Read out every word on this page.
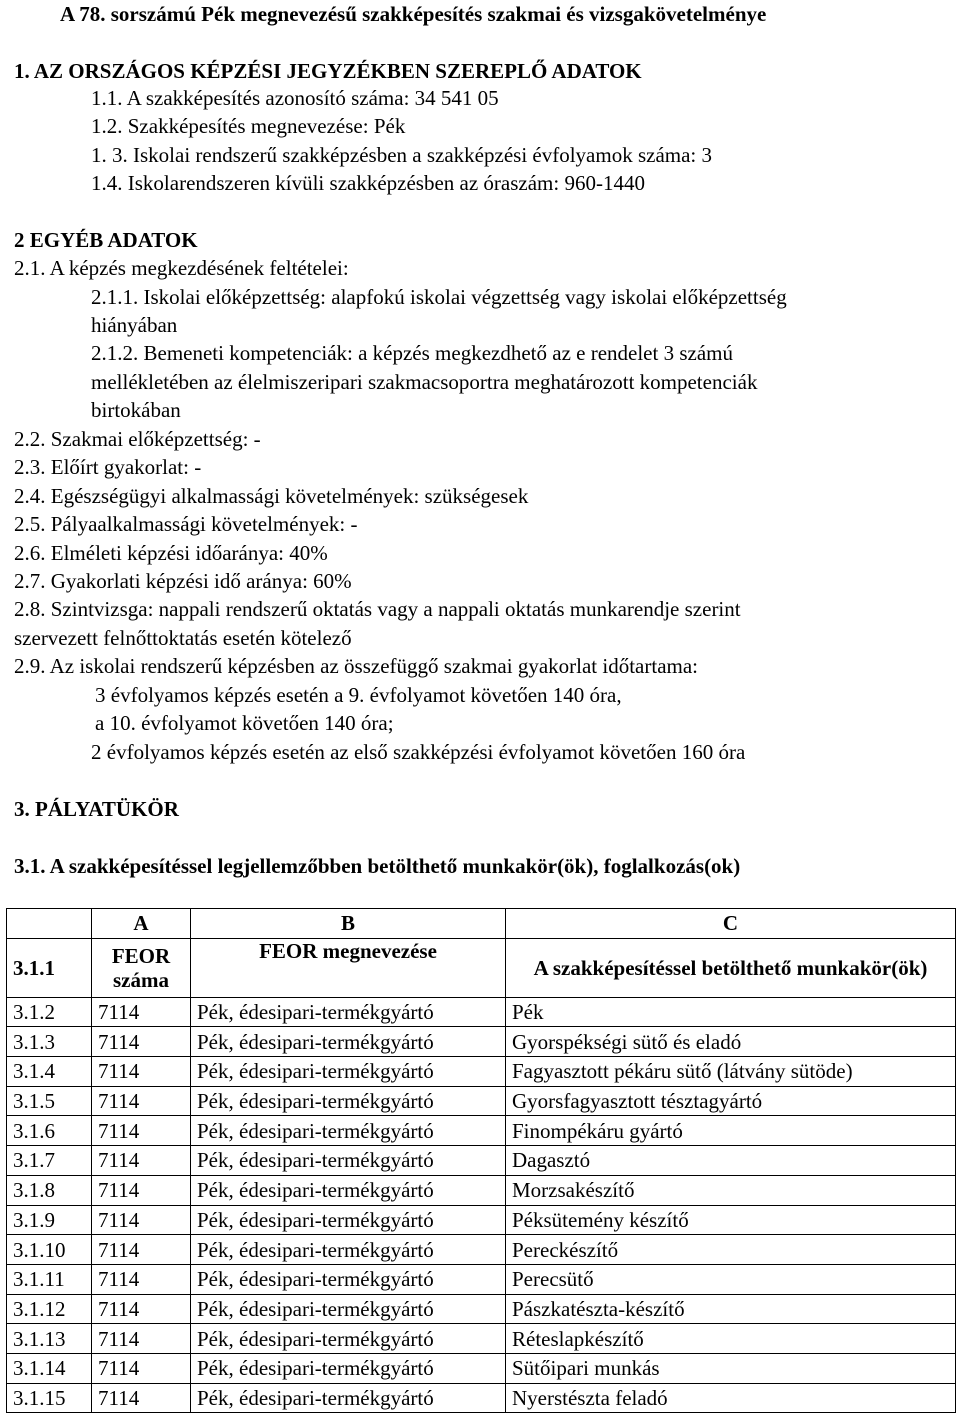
A 78. sorszámú Pék megnevezésű szakképesítés szakmai és vizsgakövetelménye
1. AZ ORSZÁGOS KÉPZÉSI JEGYZÉKBEN SZEREPLŐ ADATOK
1.1. A szakképesítés azonosító száma: 34 541 05
1.2. Szakképesítés megnevezése: Pék
1. 3. Iskolai rendszerű szakképzésben a szakképzési évfolyamok száma: 3
1.4. Iskolarendszeren kívüli szakképzésben az óraszám: 960-1440
2 EGYÉB ADATOK
2.1. A képzés megkezdésének feltételei:
2.1.1. Iskolai előképzettség: alapfokú iskolai végzettség vagy iskolai előképzettség
hiányában
2.1.2. Bemeneti kompetenciák: a képzés megkezdhető az e rendelet 3 számú
mellékletében az élelmiszeripari szakmacsoportra meghatározott kompetenciák
birtokában
2.2. Szakmai előképzettség: -
2.3. Előírt gyakorlat: -
2.4. Egészségügyi alkalmassági követelmények: szükségesek
2.5. Pályaalkalmassági követelmények: -
2.6. Elméleti képzési időaránya: 40%
2.7. Gyakorlati képzési idő aránya: 60%
2.8. Szintvizsga: nappali rendszerű oktatás vagy a nappali oktatás munkarendje szerint
szervezett felnőttoktatás esetén kötelező
2.9. Az iskolai rendszerű képzésben az összefüggő szakmai gyakorlat időtartama:
3 évfolyamos képzés esetén a 9. évfolyamot követően 140 óra,
a 10. évfolyamot követően 140 óra;
2 évfolyamos képzés esetén az első szakképzési évfolyamot követően 160 óra
3. PÁLYATÜKÖR
3.1. A szakképesítéssel legjellemzőbben betölthető munkakör(ök), foglalkozás(ok)
	A	B	C
3.1.1	FEOR száma	FEOR megnevezése	A szakképesítéssel betölthető munkakör(ök)
3.1.2	7114	Pék, édesipari-termékgyártó	Pék
3.1.3	7114	Pék, édesipari-termékgyártó	Gyorspékségi sütő és eladó
3.1.4	7114	Pék, édesipari-termékgyártó	Fagyasztott pékáru sütő (látvány sütöde)
3.1.5	7114	Pék, édesipari-termékgyártó	Gyorsfagyasztott tésztagyártó
3.1.6	7114	Pék, édesipari-termékgyártó	Finompékáru gyártó
3.1.7	7114	Pék, édesipari-termékgyártó	Dagasztó
3.1.8	7114	Pék, édesipari-termékgyártó	Morzsakészítő
3.1.9	7114	Pék, édesipari-termékgyártó	Péksütemény készítő
3.1.10	7114	Pék, édesipari-termékgyártó	Pereckészítő
3.1.11	7114	Pék, édesipari-termékgyártó	Perecsütő
3.1.12	7114	Pék, édesipari-termékgyártó	Pászkatészta-készítő
3.1.13	7114	Pék, édesipari-termékgyártó	Réteslapkészítő
3.1.14	7114	Pék, édesipari-termékgyártó	Sütőipari munkás
3.1.15	7114	Pék, édesipari-termékgyártó	Nyerstészta feladó
